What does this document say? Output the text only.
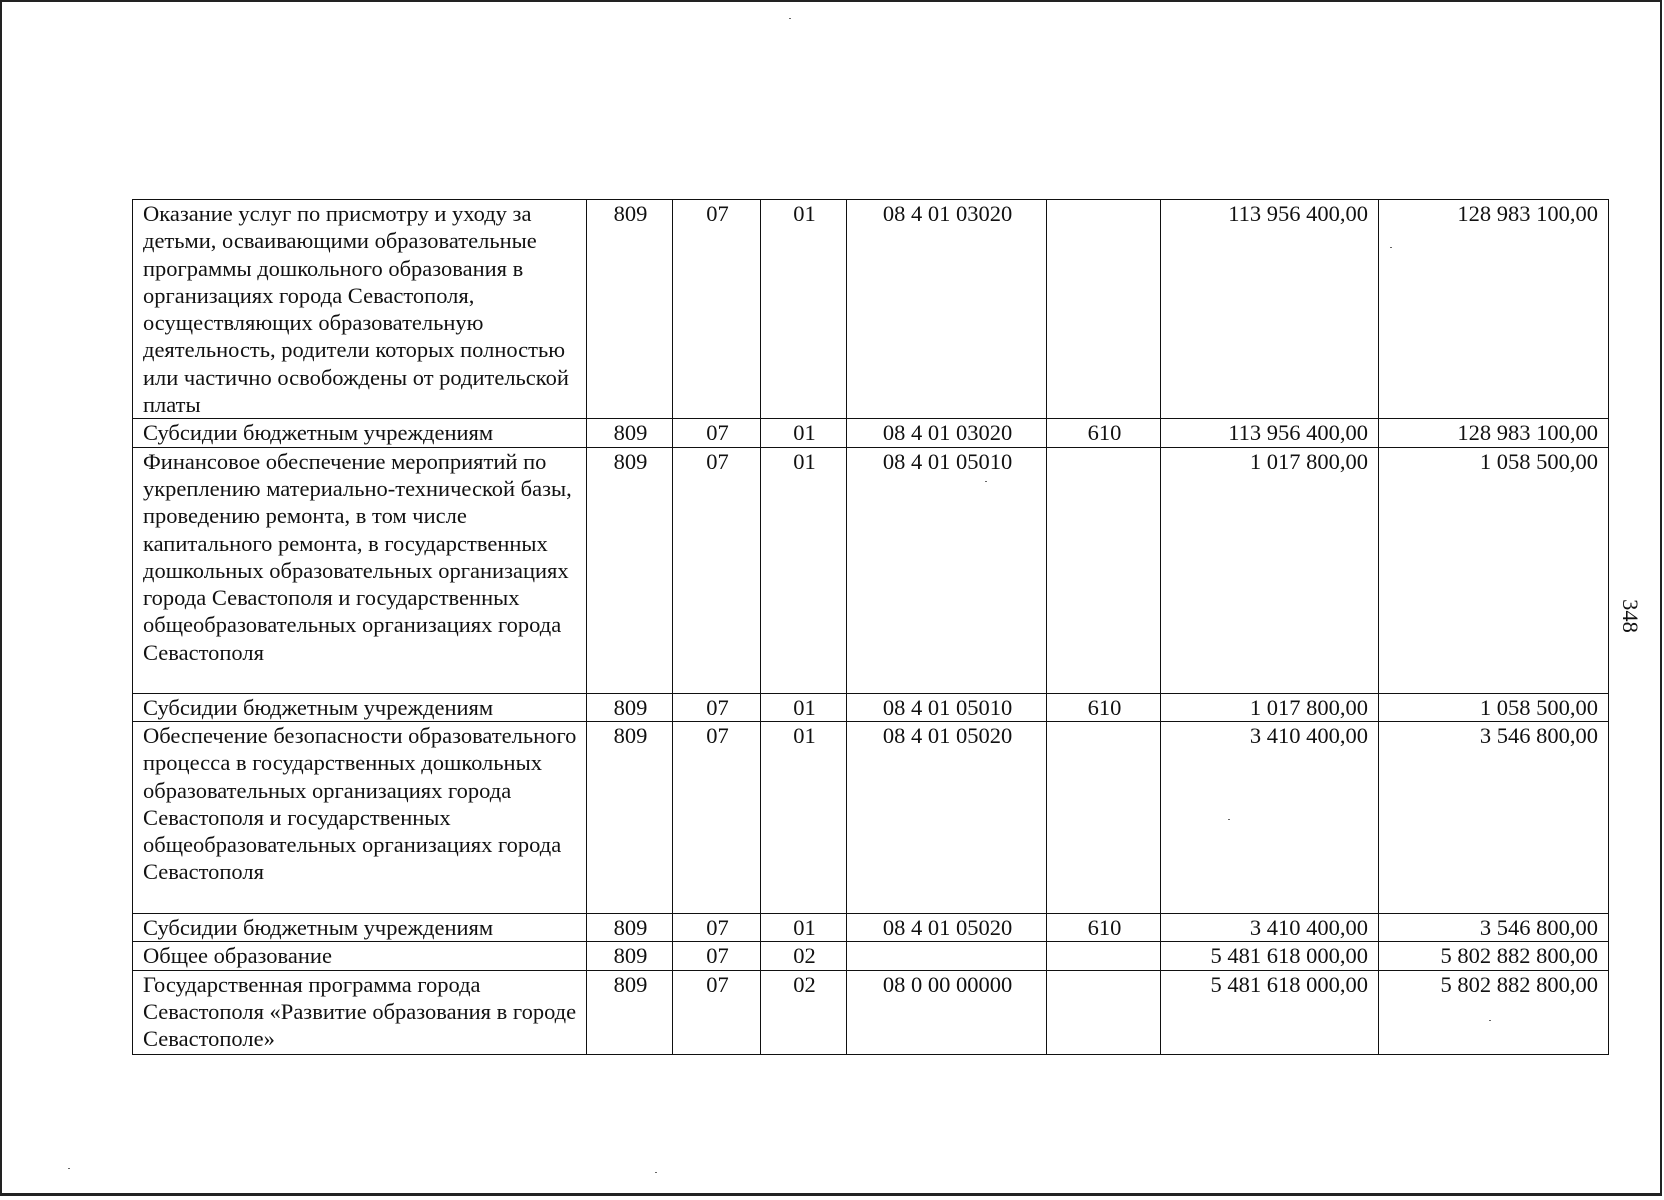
Оказание услуг по присмотру и уходу за детьми, осваивающими образовательные программы дошкольного образования в организациях города Севастополя, осуществляющих образовательную деятельность, родители которых полностью или частично освобождены от родительской платы	809	07	01	08 4 01 03020		113 956 400,00	128 983 100,00
Субсидии бюджетным учреждениям	809	07	01	08 4 01 03020	610	113 956 400,00	128 983 100,00
Финансовое обеспечение мероприятий по укреплению материально-технической базы, проведению ремонта, в том числе капитального ремонта, в государственных дошкольных образовательных организациях города Севастополя и государственных общеобразовательных организациях города Севастополя	809	07	01	08 4 01 05010		1 017 800,00	1 058 500,00
Субсидии бюджетным учреждениям	809	07	01	08 4 01 05010	610	1 017 800,00	1 058 500,00
Обеспечение безопасности образовательного процесса в государственных дошкольных образовательных организациях города Севастополя и государственных общеобразовательных организациях города Севастополя	809	07	01	08 4 01 05020		3 410 400,00	3 546 800,00
Субсидии бюджетным учреждениям	809	07	01	08 4 01 05020	610	3 410 400,00	3 546 800,00
Общее образование	809	07	02			5 481 618 000,00	5 802 882 800,00
Государственная программа города Севастополя «Развитие образования в городе Севастополе»	809	07	02	08 0 00 00000		5 481 618 000,00	5 802 882 800,00
348
